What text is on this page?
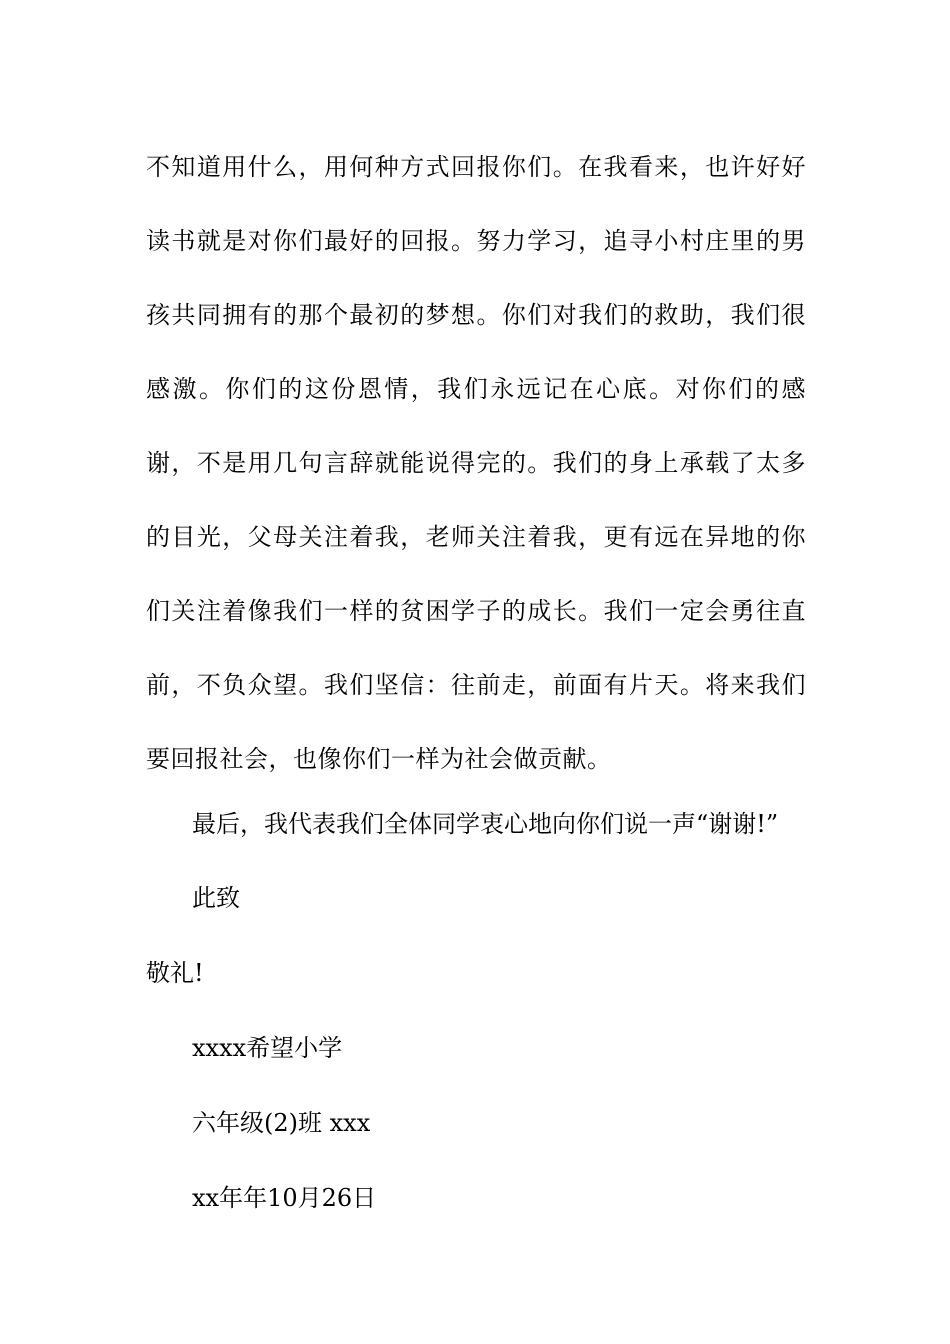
不知道用什么，用何种方式回报你们。在我看来，也许好好读书就是对你们最好的回报。努力学习，追寻小村庄里的男孩共同拥有的那个最初的梦想。你们对我们的救助，我们很感激。你们的这份恩情，我们永远记在心底。对你们的感谢，不是用几句言辞就能说得完的。我们的身上承载了太多的目光，父母关注着我，老师关注着我，更有远在异地的你们关注着像我们一样的贫困学子的成长。我们一定会勇往直前，不负众望。我们坚信：往前走，前面有片天。将来我们要回报社会，也像你们一样为社会做贡献。
最后，我代表我们全体同学衷心地向你们说一声“谢谢!”
此致
敬礼!
xxxx希望小学
六年级(2)班 xxx
xx年年10月26日
